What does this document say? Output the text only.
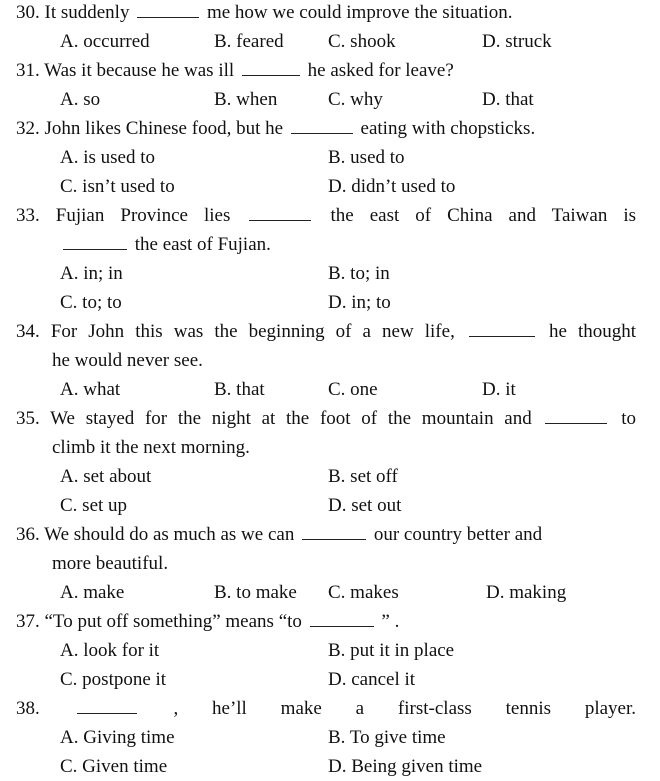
30. It suddenly	me how we could improve the situation.
A. occurred	B. feared C. shook	D. struck
31. Was it because he was ill	he asked for leave?
A. so	B. when	C. why	D. that
32. John likes Chinese food, but he	eating with chopsticks.
A. is used to	B. used to
C. isn’t used to	D. didn’t used to
33. Fujian Province lies	the east of China and Taiwan is
the east of Fujian.
A. in; in	B. to; in
C. to; to	D. in; to
34. For John this was the beginning of a new life,	he thought
he would never see.
A. what	B. that	C. one	D. it
35. We stayed for the night at the foot of the mountain and	to
climb it the next morning.
A. set about	B. set off
C. set up	D. set out
36. We should do as much as we can	our country better and
more beautiful.
A. make	B. to make C. makes	D. making
37. “To put off something” means “to	” .
A. look for it	B. put it in place
C. postpone it	D. cancel it
38.	, he’ll make a first-class tennis player.
A. Giving time	B. To give time
C. Given time	D. Being given time
